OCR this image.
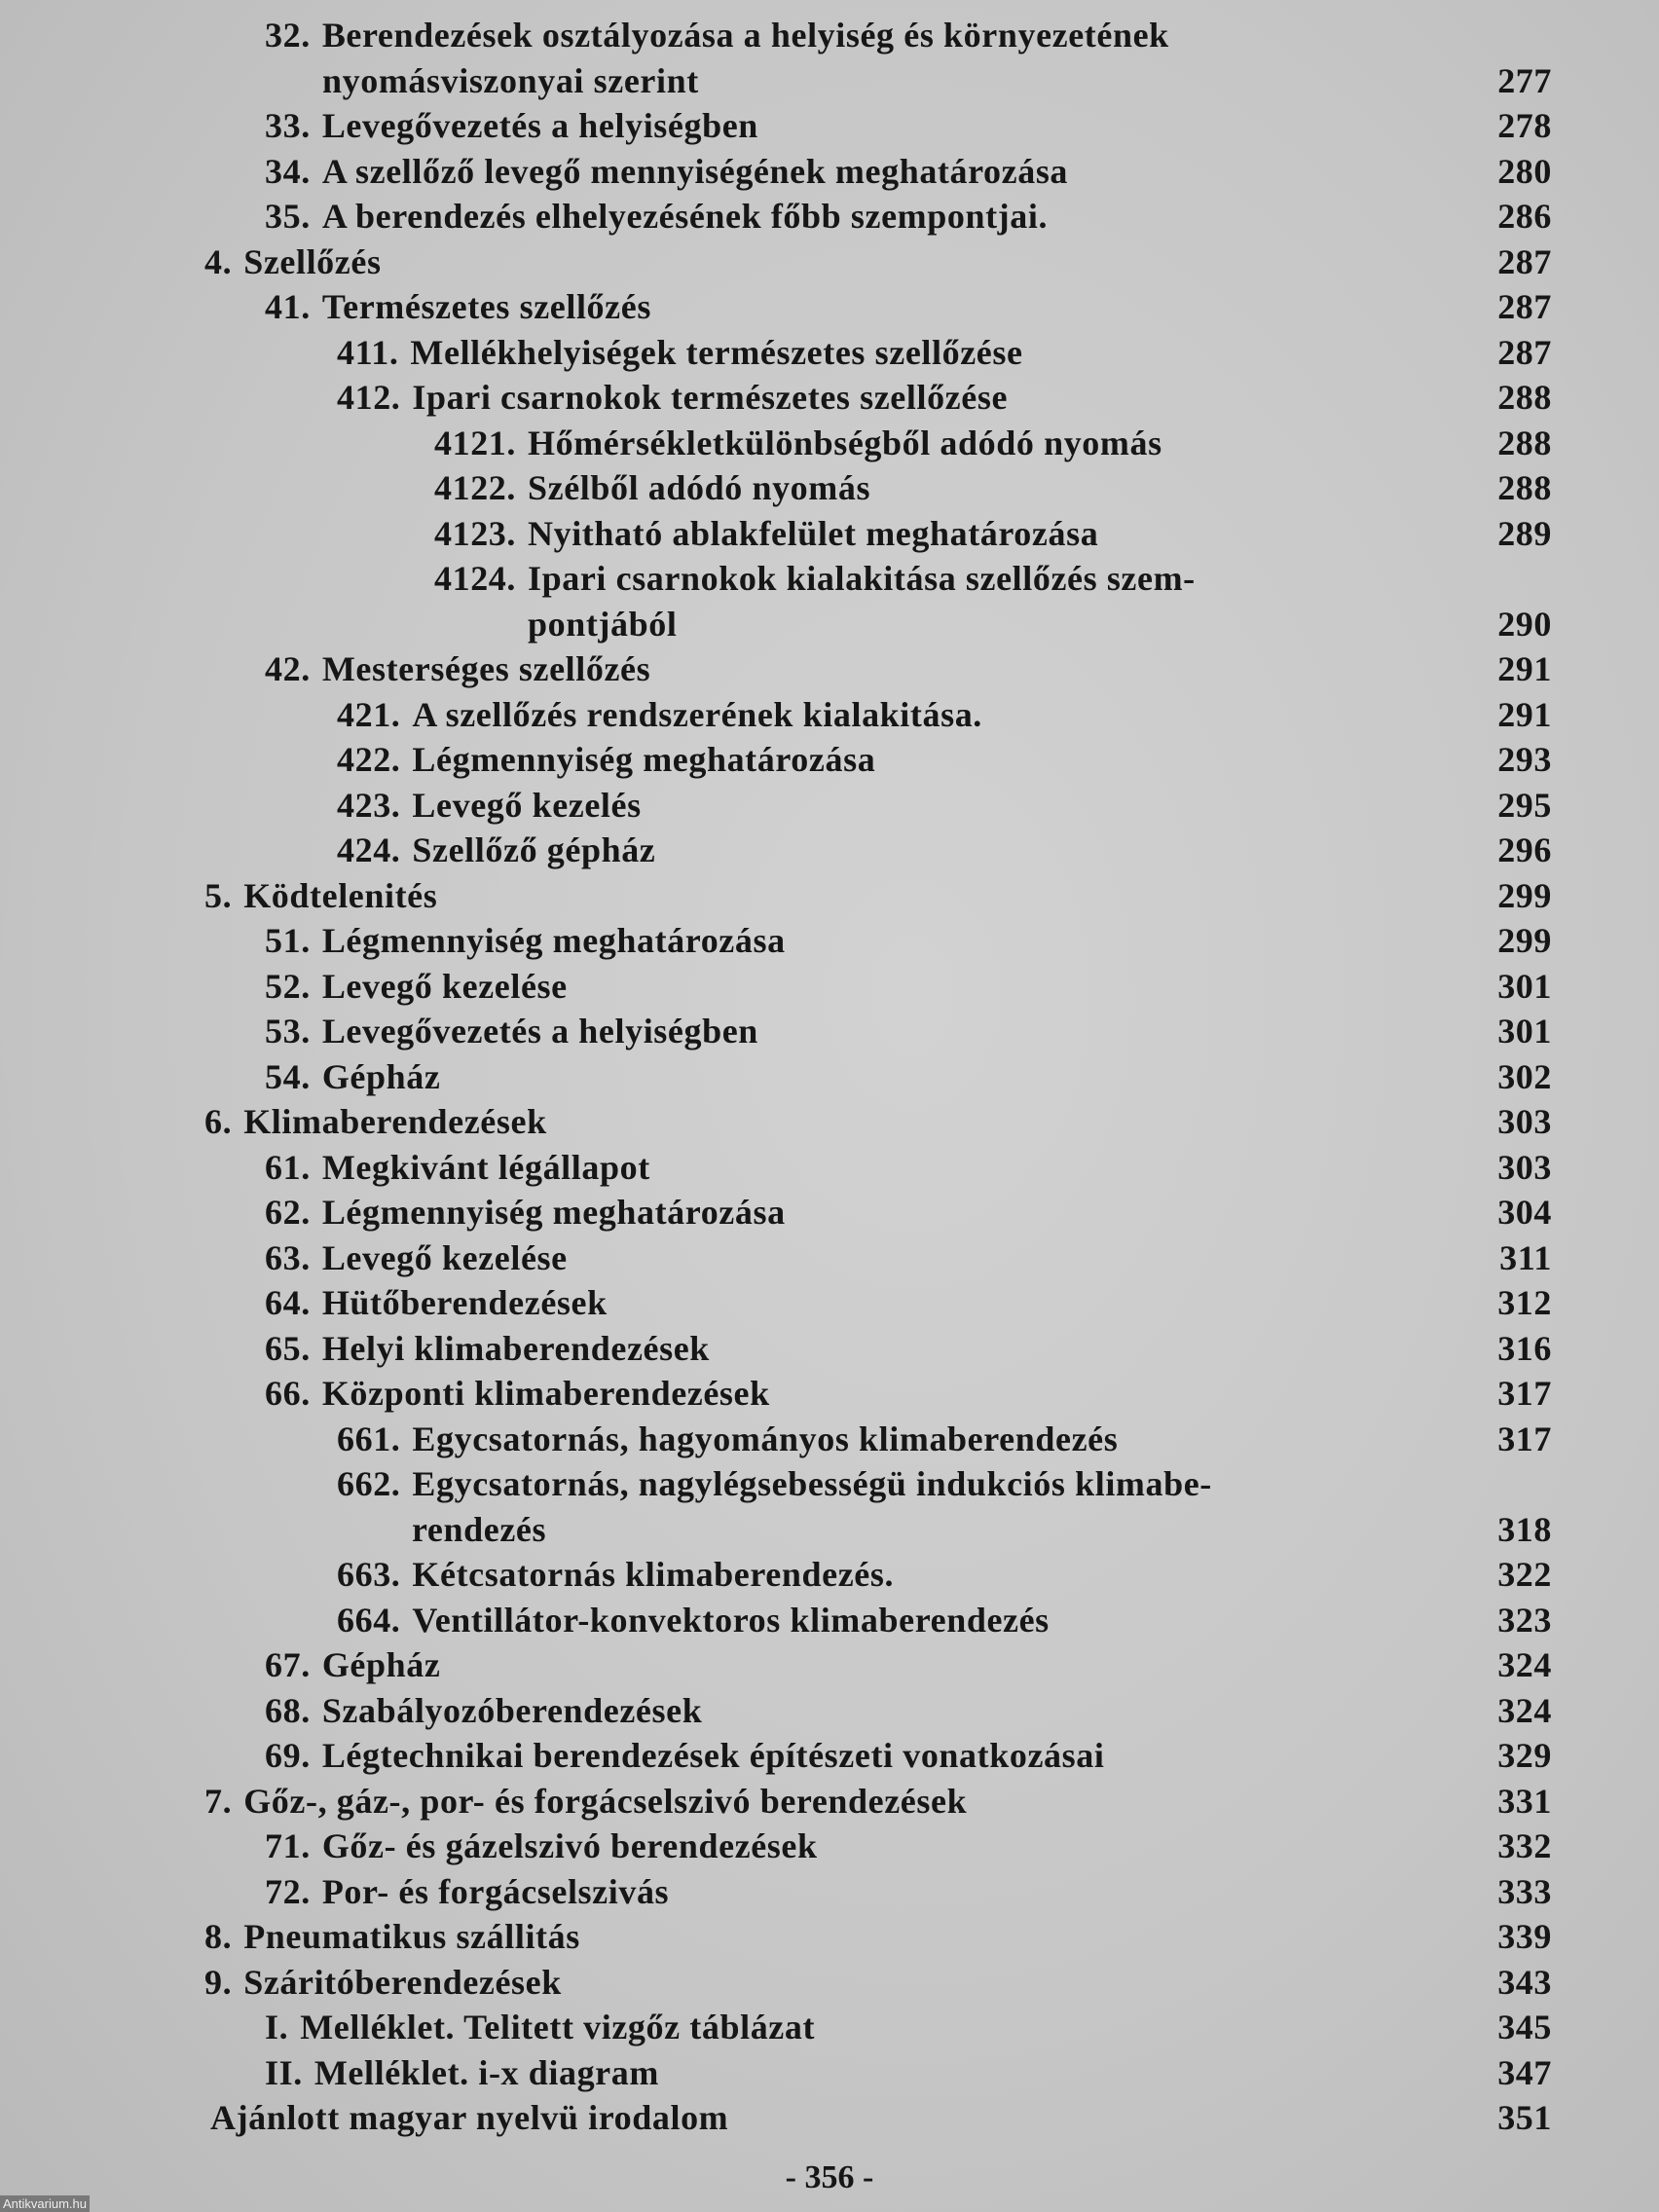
32. Berendezések osztályozása a helyiség és környezetének
nyomásviszonyai szerint	277
33. Levegővezetés a helyiségben	278
34. A szellőző levegő mennyiségének meghatározása	280
35. A berendezés elhelyezésének főbb szempontjai.	286
4. Szellőzés	287
41. Természetes szellőzés	287
411. Mellékhelyiségek természetes szellőzése	287
412. Ipari csarnokok természetes szellőzése	288
4121. Hőmérsékletkülönbségből adódó nyomás	288
4122. Szélből adódó nyomás	288
4123. Nyitható ablakfelület meghatározása	289
4124. Ipari csarnokok kialakitása szellőzés szem-
pontjából	290
42. Mesterséges szellőzés	291
421. A szellőzés rendszerének kialakitása.	291
422. Légmennyiség meghatározása	293
423. Levegő kezelés	295
424. Szellőző gépház	296
5. Ködtelenités	299
51. Légmennyiség meghatározása	299
52. Levegő kezelése	301
53. Levegővezetés a helyiségben	301
54. Gépház	302
6. Klimaberendezések	303
61. Megkivánt légállapot	303
62. Légmennyiség meghatározása	304
63. Levegő kezelése	311
64. Hütőberendezések	312
65. Helyi klimaberendezések	316
66. Központi klimaberendezések	317
661. Egycsatornás, hagyományos klimaberendezés	317
662. Egycsatornás, nagylégsebességü indukciós klimabe-
rendezés	318
663. Kétcsatornás klimaberendezés.	322
664. Ventillátor-konvektoros klimaberendezés	323
67. Gépház	324
68. Szabályozóberendezések	324
69. Légtechnikai berendezések építészeti vonatkozásai	329
7. Gőz-, gáz-, por- és forgácselszivó berendezések	331
71. Gőz- és gázelszivó berendezések	332
72. Por- és forgácselszivás	333
8. Pneumatikus szállitás	339
9. Száritóberendezések	343
I. Melléklet. Telitett vizgőz táblázat	345
II. Melléklet. i-x diagram	347
Ajánlott magyar nyelvü irodalom	351
- 356 -
Antikvarium.hu
